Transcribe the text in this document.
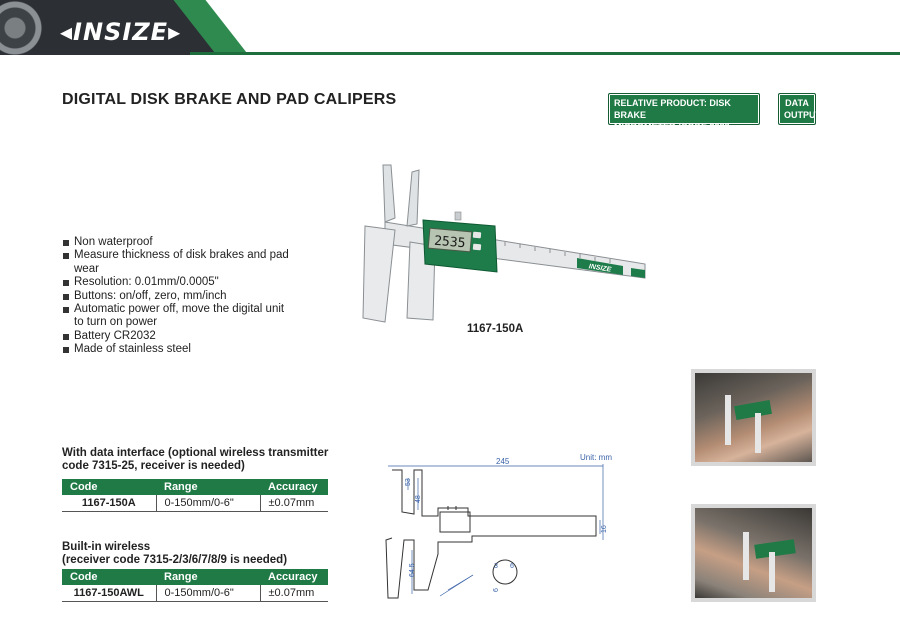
◂INSIZE▸
DIGITAL DISK BRAKE AND PAD CALIPERS	RELATIVE PRODUCT: DISK BRAKE
MICROMETER (CODE 3288-, 3588-)
DATA
OUTPUT
Non waterproof
Measure thickness of disk brakes and pad wear
Resolution: 0.01mm/0.0005"
Buttons: on/off, zero, mm/inch
Automatic power off, move the digital unit to turn on power
Battery CR2032
Made of stainless steel
2535
INSIZE
1167-150A
With data interface (optional wireless transmitter
code 7315-25, receiver is needed)
Code	Range	Accuracy
1167-150A	0-150mm/0-6"	±0.07mm
Built-in wireless
(receiver code 7315-2/3/6/7/8/9 is needed)
Code	Range	Accuracy
1167-150AWL	0-150mm/0-6"	±0.07mm
Unit: mm
245
53
48
16
64.5	3 6
6
